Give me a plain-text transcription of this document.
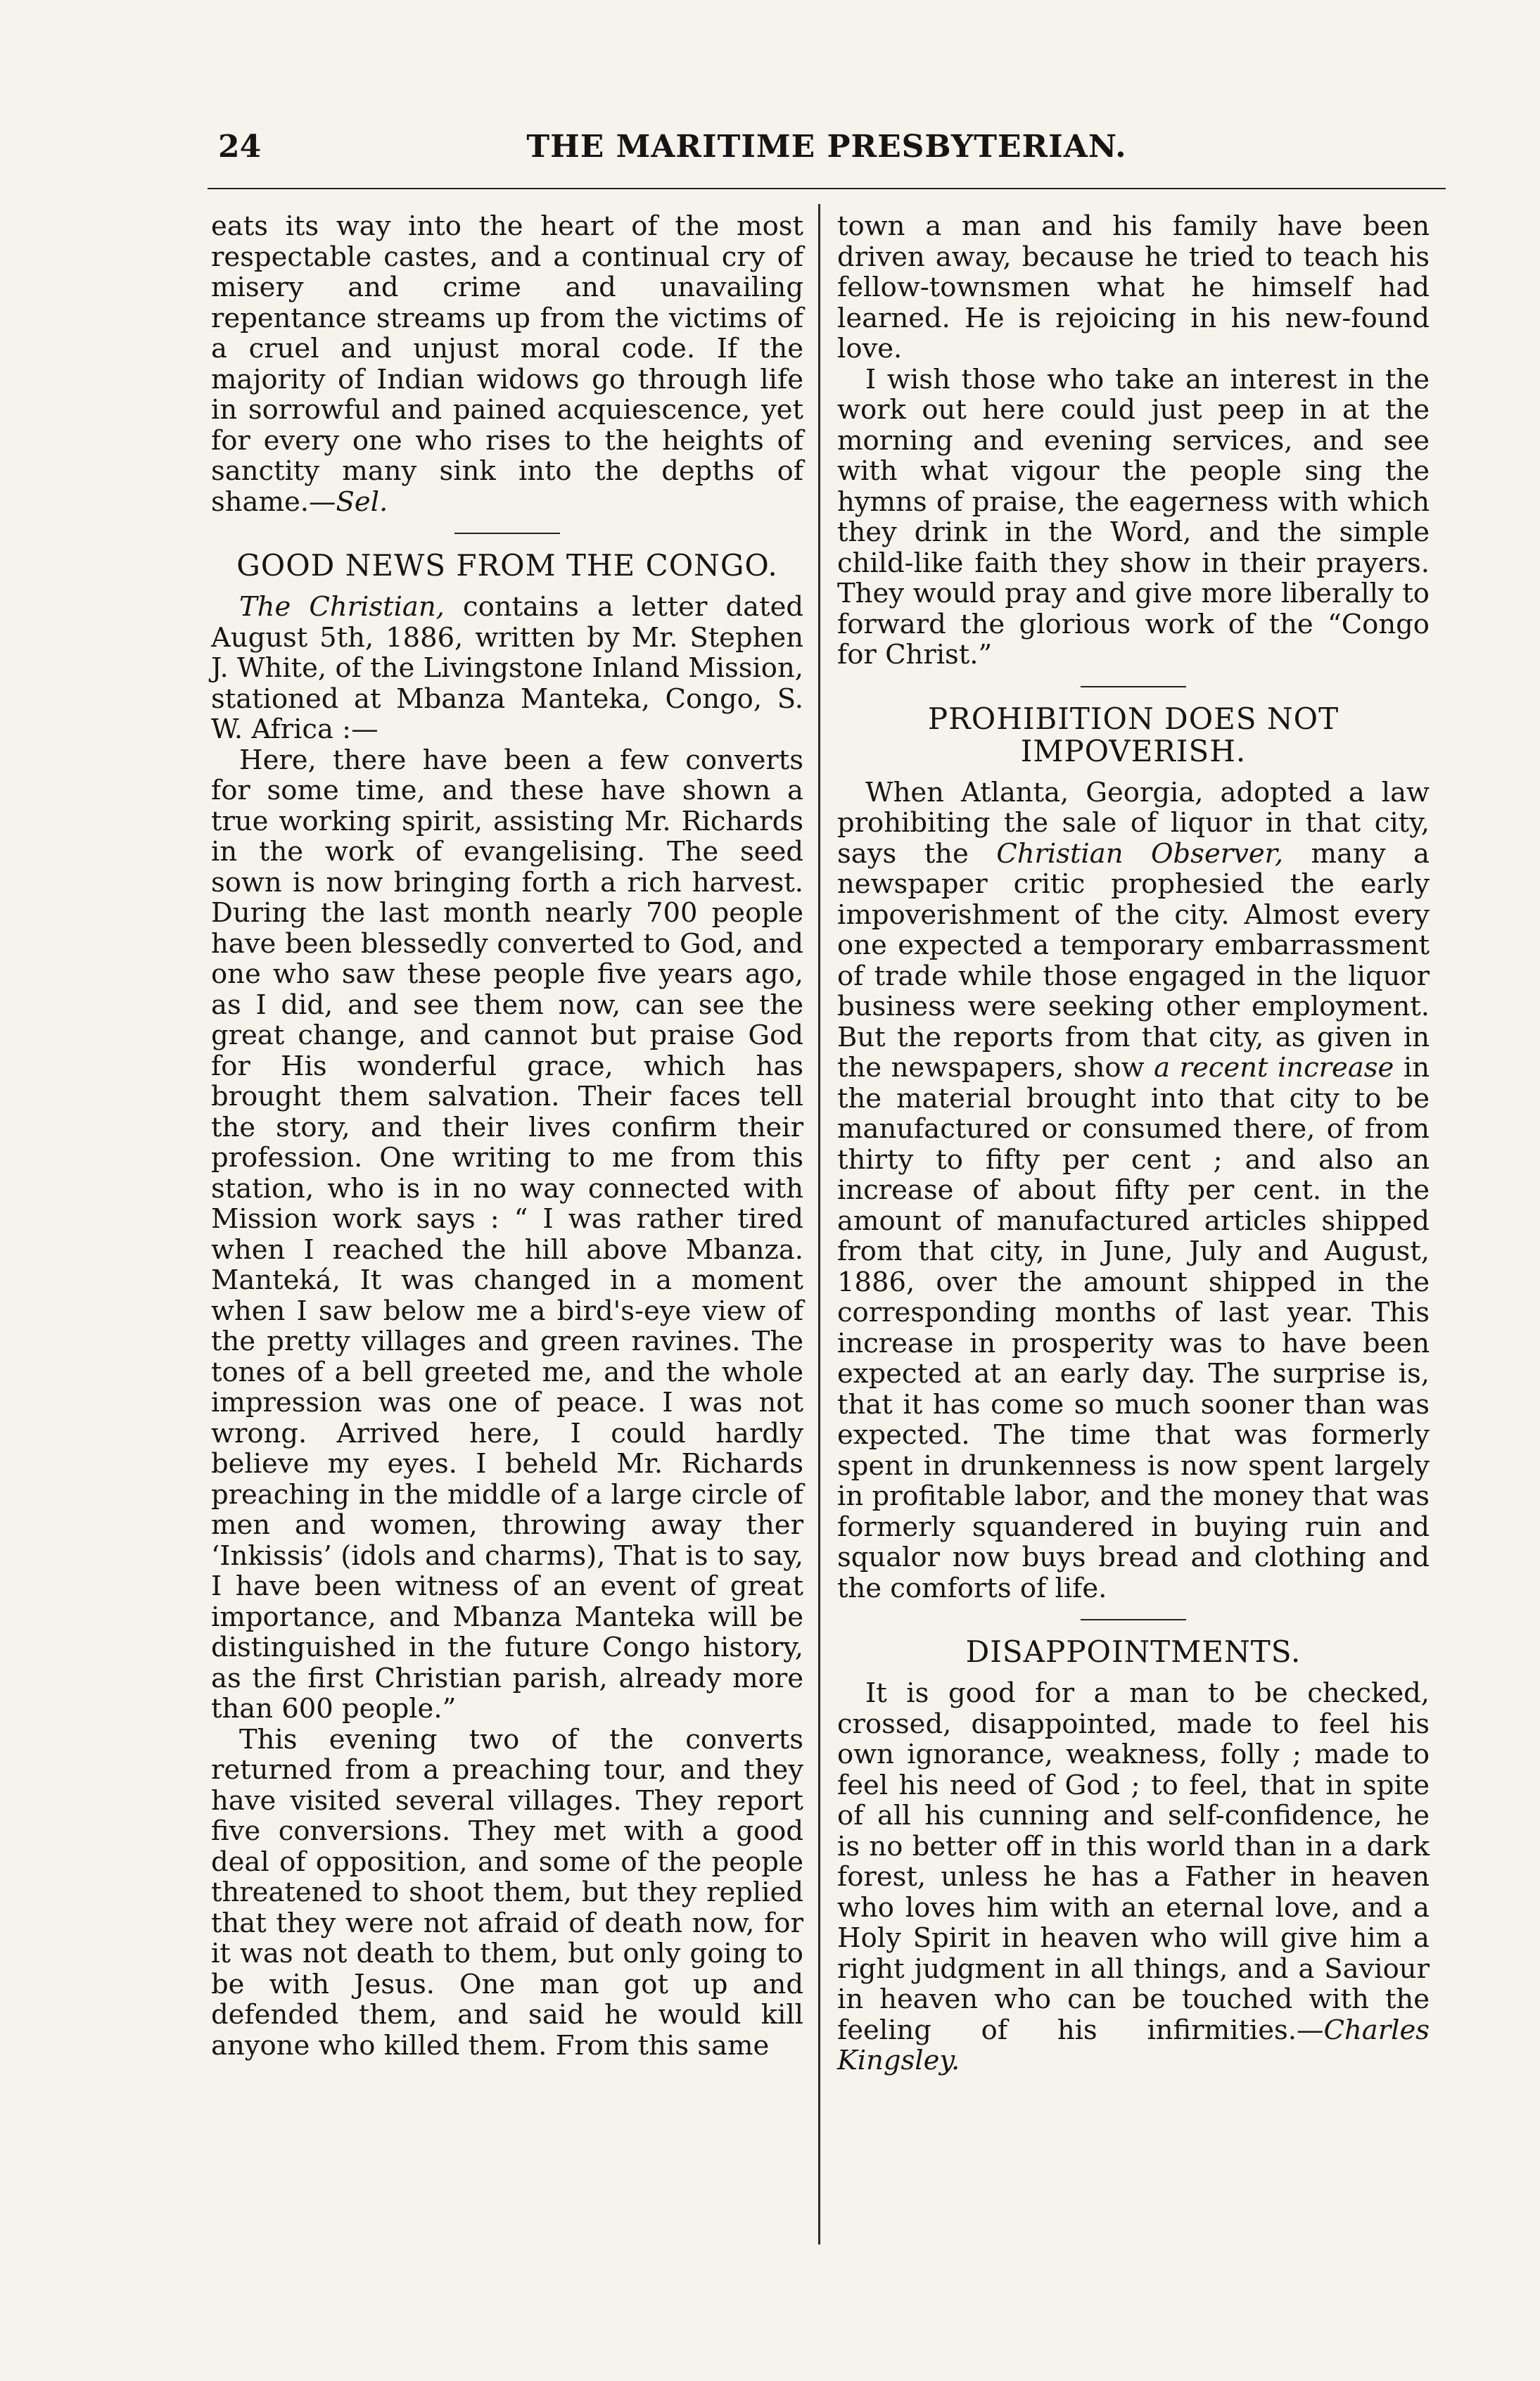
24	THE MARITIME PRESBYTERIAN.

eats its way into the heart of the most respectable castes, and a continual cry of misery and crime and unavailing repentance streams up from the victims of a cruel and unjust moral code. If the majority of Indian widows go through life in sorrowful and pained acquiescence, yet for every one who rises to the heights of sanctity many sink into the depths of shame.—Sel.

GOOD NEWS FROM THE CONGO.

The Christian, contains a letter dated August 5th, 1886, written by Mr. Stephen J. White, of the Livingstone Inland Mission, stationed at Mbanza Manteka, Congo, S. W. Africa :—

Here, there have been a few converts for some time, and these have shown a true working spirit, assisting Mr. Richards in the work of evangelising. The seed sown is now bringing forth a rich harvest. During the last month nearly 700 people have been blessedly converted to God, and one who saw these people five years ago, as I did, and see them now, can see the great change, and cannot but praise God for His wonderful grace, which has brought them salvation. Their faces tell the story, and their lives confirm their profession. One writing to me from this station, who is in no way connected with Mission work says : “ I was rather tired when I reached the hill above Mbanza. Manteká, It was changed in a moment when I saw below me a bird's-eye view of the pretty villages and green ravines. The tones of a bell greeted me, and the whole impression was one of peace. I was not wrong. Arrived here, I could hardly believe my eyes. I beheld Mr. Richards preaching in the middle of a large circle of men and women, throwing away ther ‘Inkissis’ (idols and charms), That is to say, I have been witness of an event of great importance, and Mbanza Manteka will be distinguished in the future Congo history, as the first Christian parish, already more than 600 people.”

This evening two of the converts returned from a preaching tour, and they have visited several villages. They report five conversions. They met with a good deal of opposition, and some of the people threatened to shoot them, but they replied that they were not afraid of death now, for it was not death to them, but only going to be with Jesus. One man got up and defended them, and said he would kill anyone who killed them. From this same

town a man and his family have been driven away, because he tried to teach his fellow-townsmen what he himself had learned. He is rejoicing in his new-found love.

I wish those who take an interest in the work out here could just peep in at the morning and evening services, and see with what vigour the people sing the hymns of praise, the eagerness with which they drink in the Word, and the simple child-like faith they show in their prayers. They would pray and give more liberally to forward the glorious work of the “Congo for Christ.”

PROHIBITION DOES NOT IMPOVERISH.

When Atlanta, Georgia, adopted a law prohibiting the sale of liquor in that city, says the Christian Observer, many a newspaper critic prophesied the early impoverishment of the city. Almost every one expected a temporary embarrassment of trade while those engaged in the liquor business were seeking other employment. But the reports from that city, as given in the newspapers, show a recent increase in the material brought into that city to be manufactured or consumed there, of from thirty to fifty per cent ; and also an increase of about fifty per cent. in the amount of manufactured articles shipped from that city, in June, July and August, 1886, over the amount shipped in the corresponding months of last year. This increase in prosperity was to have been expected at an early day. The surprise is, that it has come so much sooner than was expected. The time that was formerly spent in drunkenness is now spent largely in profitable labor, and the money that was formerly squandered in buying ruin and squalor now buys bread and clothing and the comforts of life.

DISAPPOINTMENTS.

It is good for a man to be checked, crossed, disappointed, made to feel his own ignorance, weakness, folly ; made to feel his need of God ; to feel, that in spite of all his cunning and self-confidence, he is no better off in this world than in a dark forest, unless he has a Father in heaven who loves him with an eternal love, and a Holy Spirit in heaven who will give him a right judgment in all things, and a Saviour in heaven who can be touched with the feeling of his infirmities.—Charles Kingsley.
